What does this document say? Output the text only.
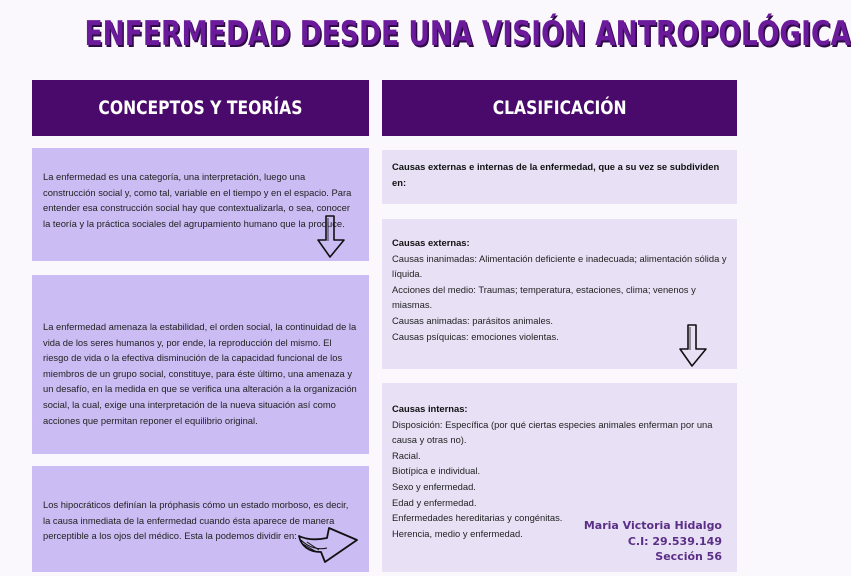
ENFERMEDAD DESDE UNA VISIÓN ANTROPOLÓGICA
CONCEPTOS Y TEORÍAS

La enfermedad es una categoría, una interpretación, luego una construcción social y, como tal, variable en el tiempo y en el espacio. Para entender esa construcción social hay que contextualizarla, o sea, conocer la teoría y la práctica sociales del agrupamiento humano que la produce.

La enfermedad amenaza la estabilidad, el orden social, la continuidad de la vida de los seres humanos y, por ende, la reproducción del mismo. El riesgo de vida o la efectiva disminución de la capacidad funcional de los miembros de un grupo social, constituye, para éste último, una amenaza y un desafío, en la medida en que se verifica una alteración a la organización social, la cual, exige una interpretación de la nueva situación así como acciones que permitan reponer el equilibrio original.

Los hipocráticos definían la próphasis cómo un estado morboso, es decir, la causa inmediata de la enfermedad cuando ésta aparece de manera perceptible a los ojos del médico. Esta la podemos dividir en:

CLASIFICACIÓN

Causas externas e internas de la enfermedad, que a su vez se subdividen en:

Causas externas:

Causas inanimadas: Alimentación deficiente e inadecuada; alimentación sólida y líquida.

Acciones del medio: Traumas; temperatura, estaciones, clima; venenos y miasmas.

Causas animadas: parásitos animales.

Causas psíquicas: emociones violentas.

Causas internas:

Disposición: Específica (por qué ciertas especies animales enferman por una causa y otras no).

Racial.

Biotípica e individual.

Sexo y enfermedad.

Edad y enfermedad.

Enfermedades hereditarias y congénitas.

Herencia, medio y enfermedad.

Maria Victoria Hidalgo
C.I: 29.539.149
Sección 56
